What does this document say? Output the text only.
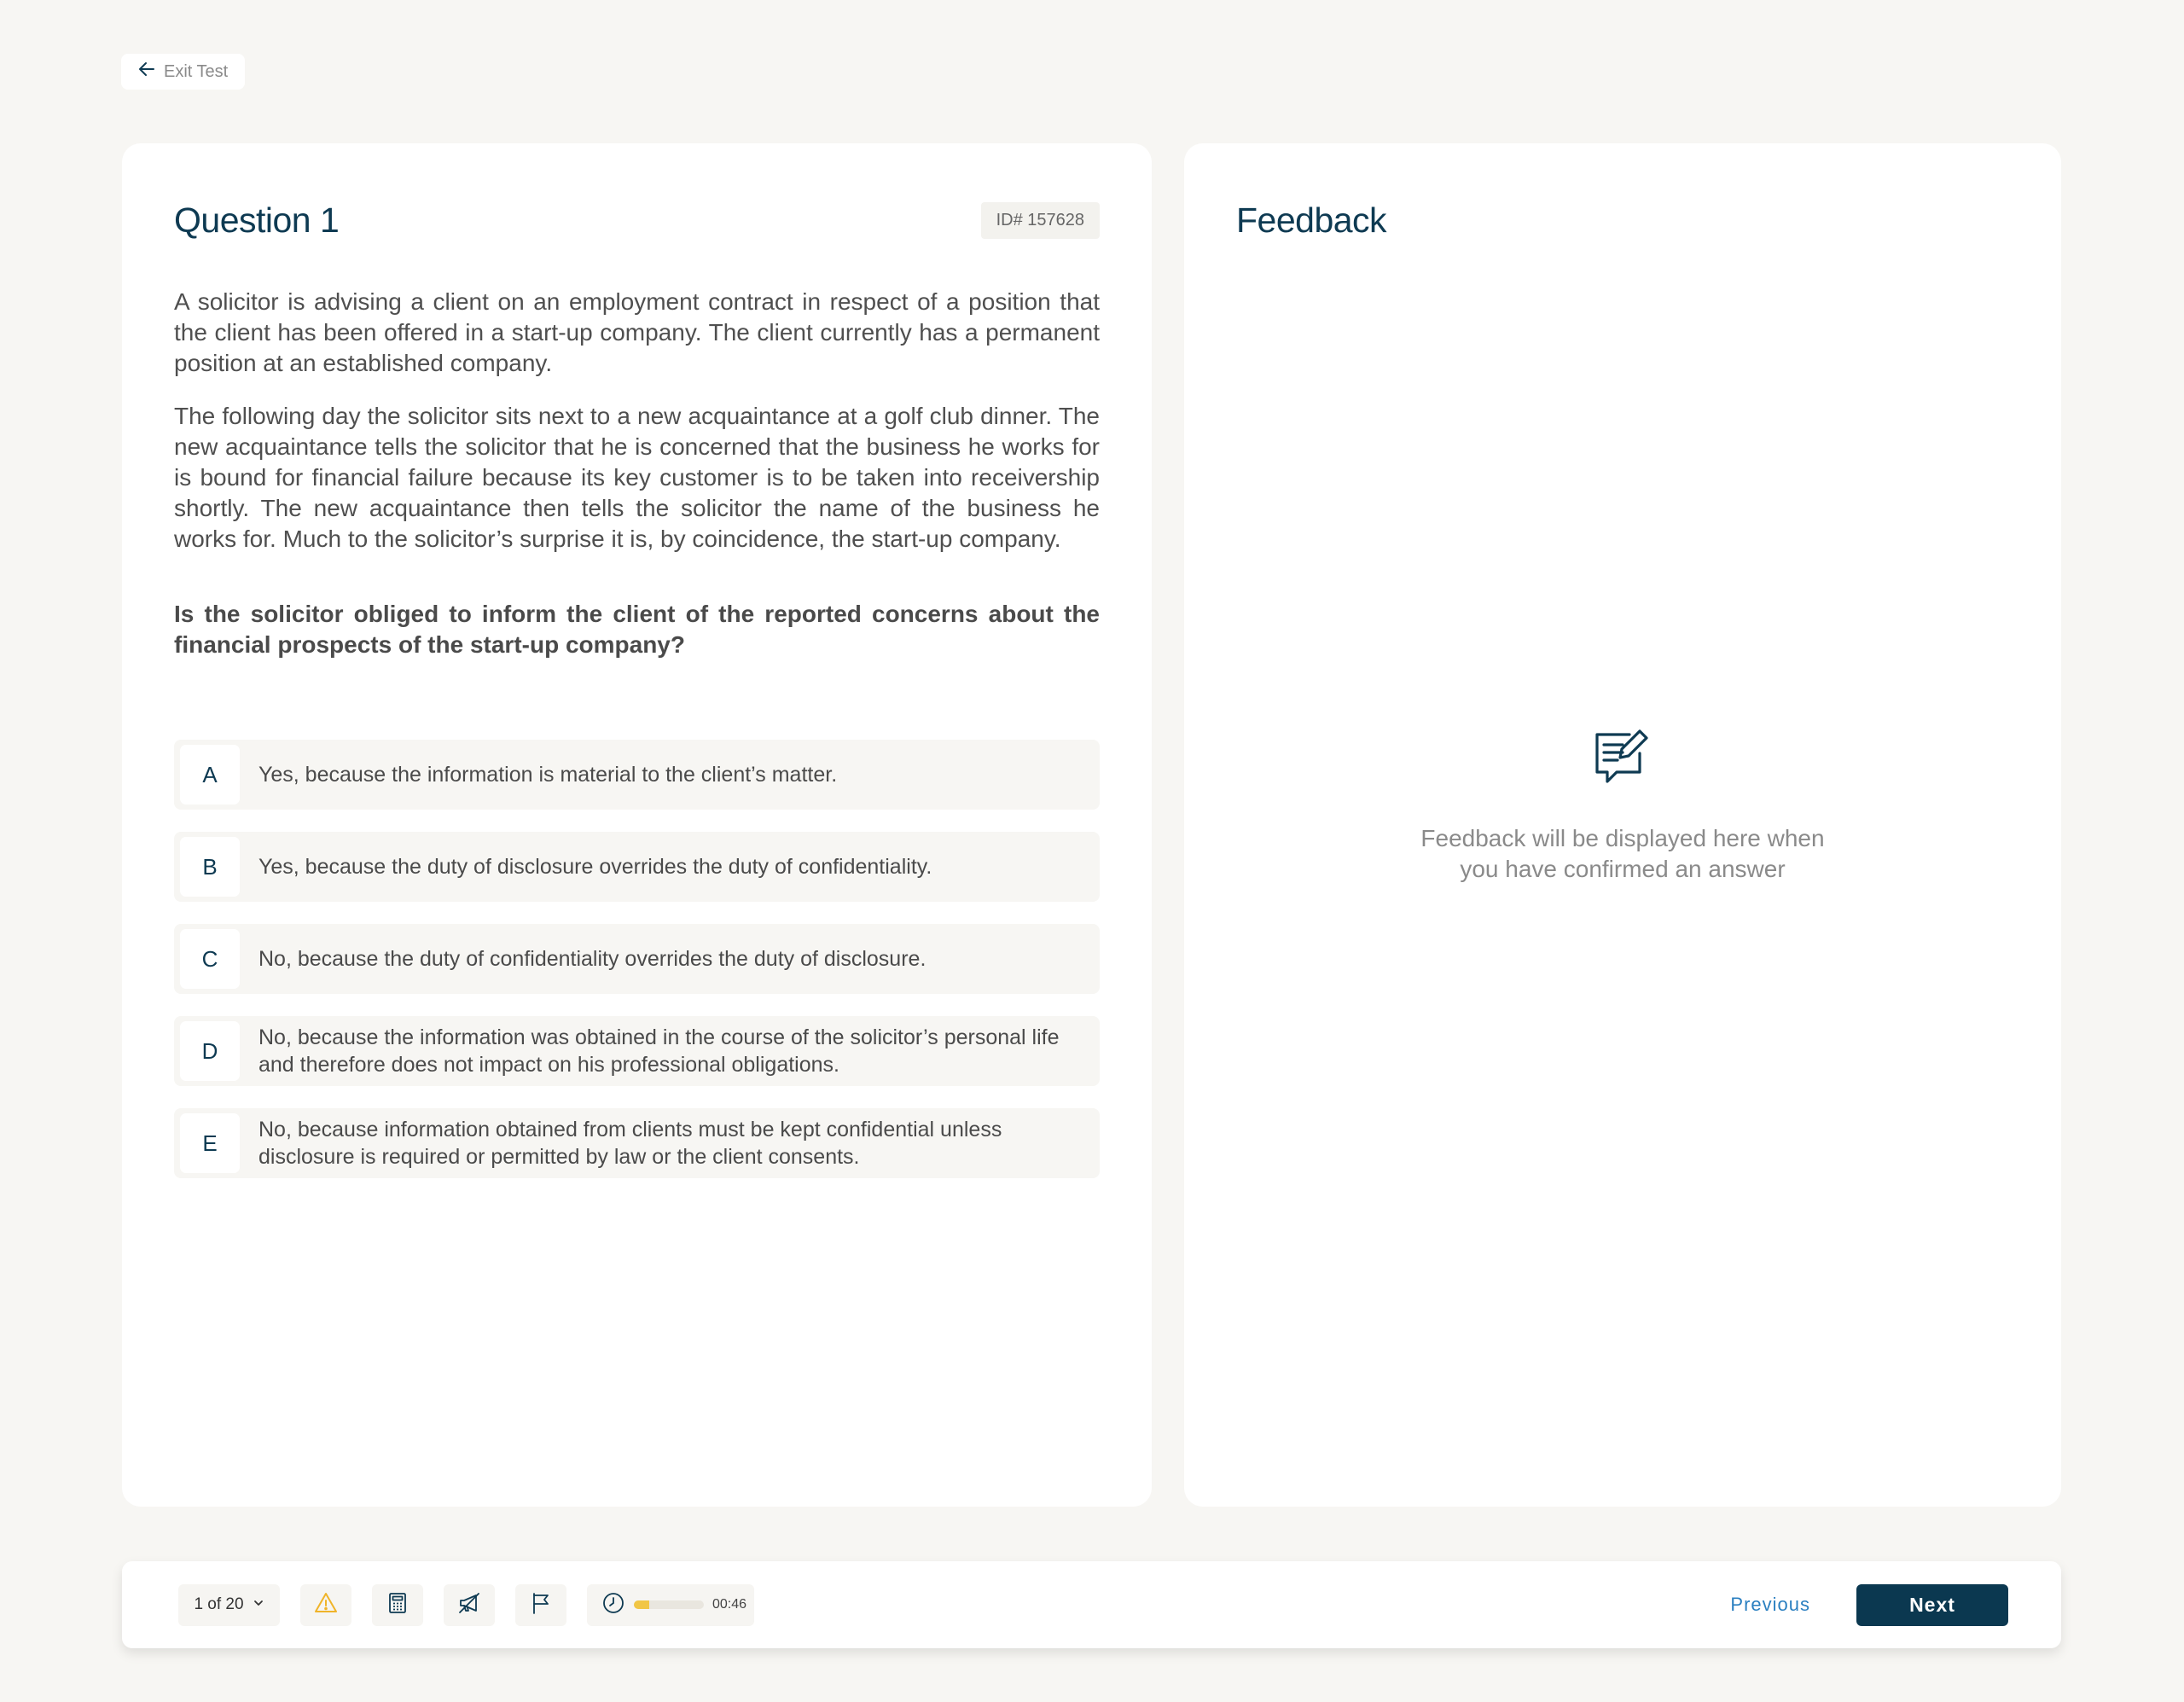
Exit Test
Question 1	ID# 157628

A solicitor is advising a client on an employment contract in respect of a position that the client has been offered in a start-up company. The client currently has a permanent position at an established company.

The following day the solicitor sits next to a new acquaintance at a golf club dinner. The new acquaintance tells the solicitor that he is concerned that the business he works for is bound for financial failure because its key customer is to be taken into receivership shortly. The new acquaintance then tells the solicitor the name of the business he works for. Much to the solicitor’s surprise it is, by coincidence, the start-up company.

Is the solicitor obliged to inform the client of the reported concerns about the financial prospects of the start-up company?

A	Yes, because the information is material to the client’s matter.
B	Yes, because the duty of disclosure overrides the duty of confidentiality.
C	No, because the duty of confidentiality overrides the duty of disclosure.
D
No, because the information was obtained in the course of the solicitor’s personal life and therefore does not impact on his professional obligations.
E
No, because information obtained from clients must be kept confidential unless disclosure is required or permitted by law or the client consents.
Feedback

Feedback will be displayed here when you have confirmed an answer

1 of 20	00:46	Previous	Next
